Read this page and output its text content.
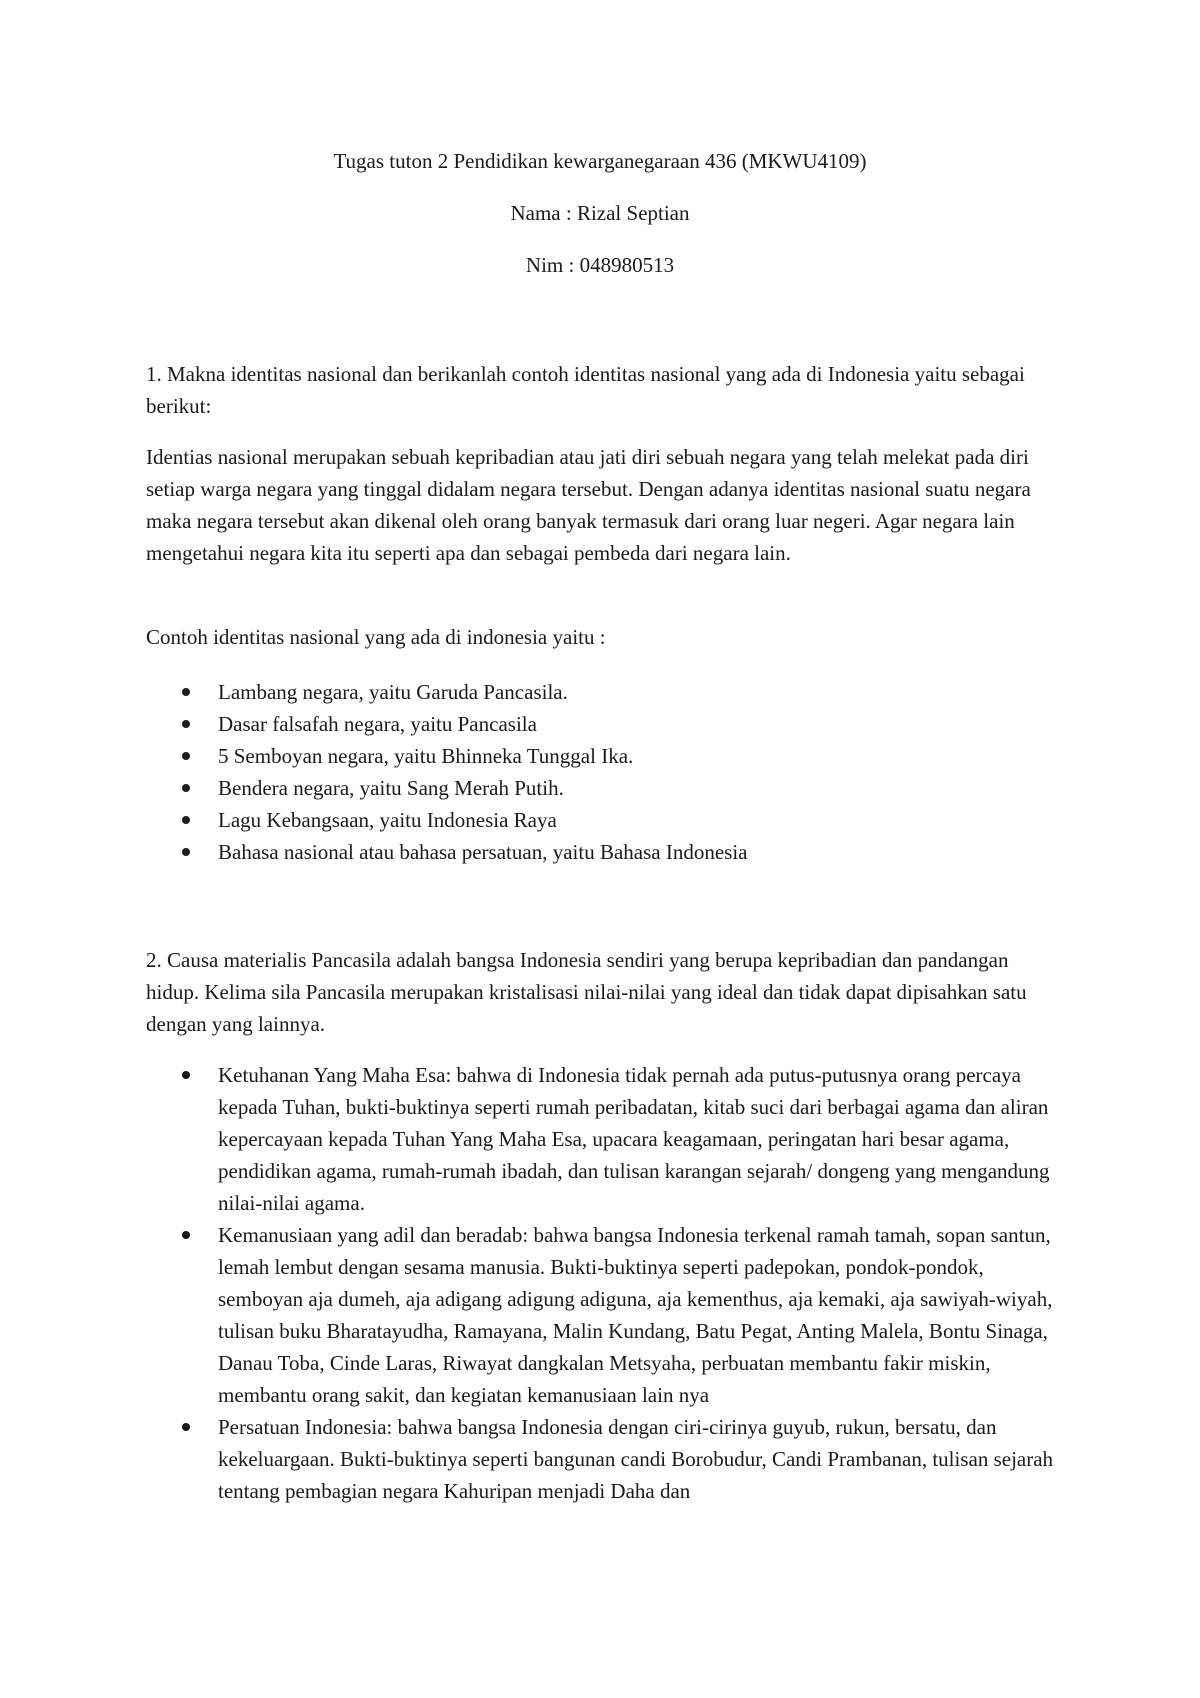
Tugas tuton 2 Pendidikan kewarganegaraan 436 (MKWU4109)

Nama : Rizal Septian

Nim : 048980513

1. Makna identitas nasional dan berikanlah contoh identitas nasional yang ada di Indonesia yaitu sebagai berikut:

Identias nasional merupakan sebuah kepribadian atau jati diri sebuah negara yang telah melekat pada diri setiap warga negara yang tinggal didalam negara tersebut. Dengan adanya identitas nasional suatu negara maka negara tersebut akan dikenal oleh orang banyak termasuk dari orang luar negeri. Agar negara lain mengetahui negara kita itu seperti apa dan sebagai pembeda dari negara lain.

Contoh identitas nasional yang ada di indonesia yaitu :

Lambang negara, yaitu Garuda Pancasila.
Dasar falsafah negara, yaitu Pancasila
5 Semboyan negara, yaitu Bhinneka Tunggal Ika.
Bendera negara, yaitu Sang Merah Putih.
Lagu Kebangsaan, yaitu Indonesia Raya
Bahasa nasional atau bahasa persatuan, yaitu Bahasa Indonesia

2. Causa materialis Pancasila adalah bangsa Indonesia sendiri yang berupa kepribadian dan pandangan hidup. Kelima sila Pancasila merupakan kristalisasi nilai-nilai yang ideal dan tidak dapat dipisahkan satu dengan yang lainnya.

Ketuhanan Yang Maha Esa: bahwa di Indonesia tidak pernah ada putus-putusnya orang percaya kepada Tuhan, bukti-buktinya seperti rumah peribadatan, kitab suci dari berbagai agama dan aliran kepercayaan kepada Tuhan Yang Maha Esa, upacara keagamaan, peringatan hari besar agama, pendidikan agama, rumah-rumah ibadah, dan tulisan karangan sejarah/ dongeng yang mengandung nilai-nilai agama.
Kemanusiaan yang adil dan beradab: bahwa bangsa Indonesia terkenal ramah tamah, sopan santun, lemah lembut dengan sesama manusia. Bukti-buktinya seperti padepokan, pondok-pondok, semboyan aja dumeh, aja adigang adigung adiguna, aja kementhus, aja kemaki, aja sawiyah-wiyah, tulisan buku Bharatayudha, Ramayana, Malin Kundang, Batu Pegat, Anting Malela, Bontu Sinaga, Danau Toba, Cinde Laras, Riwayat dangkalan Metsyaha, perbuatan membantu fakir miskin, membantu orang sakit, dan kegiatan kemanusiaan lain nya
Persatuan Indonesia: bahwa bangsa Indonesia dengan ciri-cirinya guyub, rukun, bersatu, dan kekeluargaan. Bukti-buktinya seperti bangunan candi Borobudur, Candi Prambanan, tulisan sejarah tentang pembagian negara Kahuripan menjadi Daha dan
